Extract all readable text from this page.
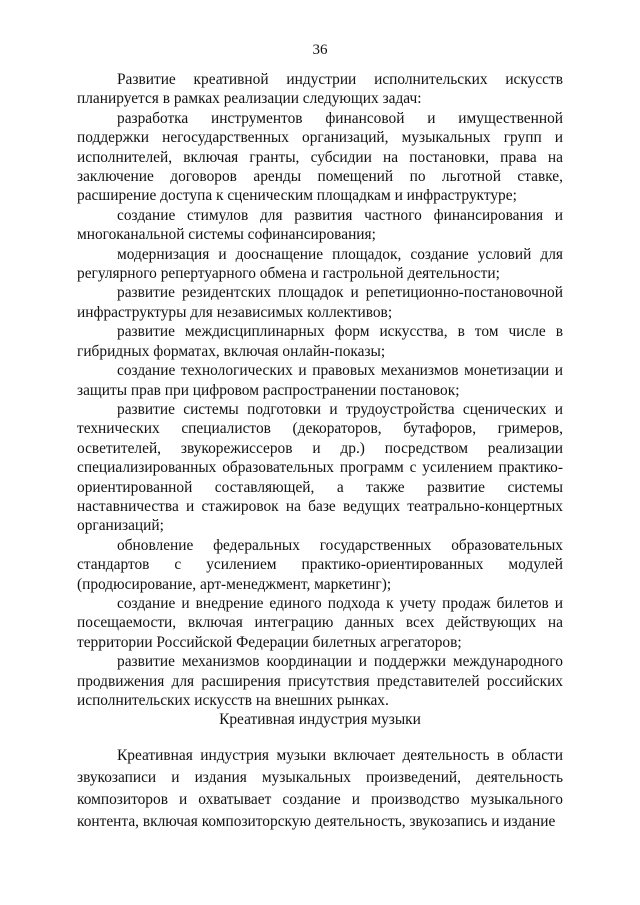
36

Развитие креативной индустрии исполнительских искусств планируется в рамках реализации следующих задач:

разработка инструментов финансовой и имущественной поддержки негосударственных организаций, музыкальных групп и исполнителей, включая гранты, субсидии на постановки, права на заключение договоров аренды помещений по льготной ставке, расширение доступа к сценическим площадкам и инфраструктуре;

создание стимулов для развития частного финансирования и многоканальной системы софинансирования;

модернизация и дооснащение площадок, создание условий для регулярного репертуарного обмена и гастрольной деятельности;

развитие резидентских площадок и репетиционно-постановочной инфраструктуры для независимых коллективов;

развитие междисциплинарных форм искусства, в том числе в гибридных форматах, включая онлайн-показы;

создание технологических и правовых механизмов монетизации и защиты прав при цифровом распространении постановок;

развитие системы подготовки и трудоустройства сценических и технических специалистов (декораторов, бутафоров, гримеров, осветителей, звукорежиссеров и др.) посредством реализации специализированных образовательных программ с усилением практико-ориентированной составляющей, а также развитие системы наставничества и стажировок на базе ведущих театрально-концертных организаций;

обновление федеральных государственных образовательных стандартов с усилением практико-ориентированных модулей (продюсирование, арт-менеджмент, маркетинг);

создание и внедрение единого подхода к учету продаж билетов и посещаемости, включая интеграцию данных всех действующих на территории Российской Федерации билетных агрегаторов;

развитие механизмов координации и поддержки международного продвижения для расширения присутствия представителей российских исполнительских искусств на внешних рынках.

Креативная индустрия музыки

Креативная индустрия музыки включает деятельность в области звукозаписи и издания музыкальных произведений, деятельность композиторов и охватывает создание и производство музыкального контента, включая композиторскую деятельность, звукозапись и издание
